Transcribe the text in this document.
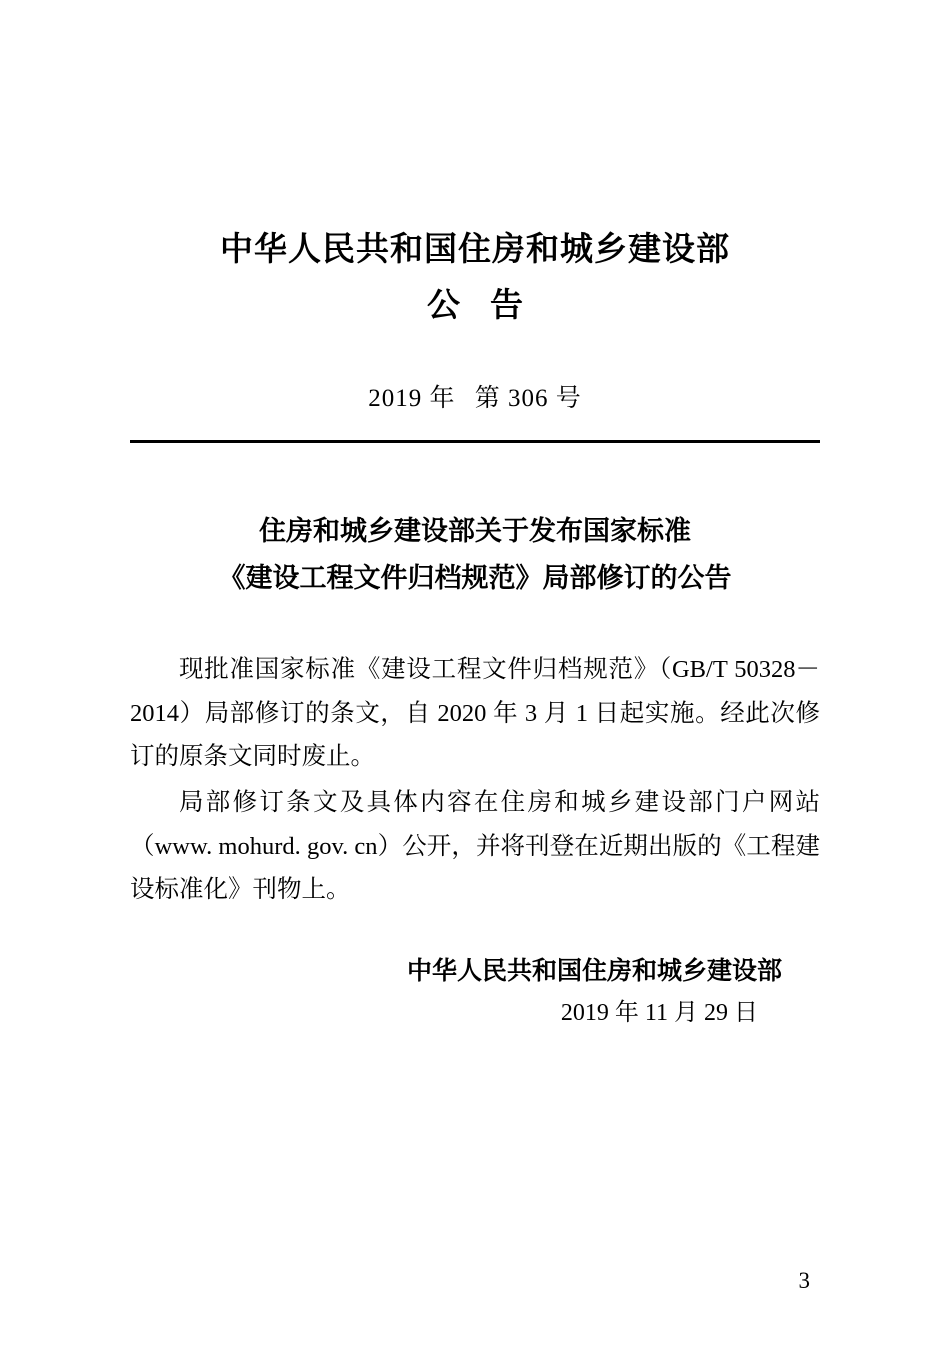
中华人民共和国住房和城乡建设部
公告
2019 年 第 306 号
住房和城乡建设部关于发布国家标准
《建设工程文件归档规范》局部修订的公告

现批准国家标准《建设工程文件归档规范》（GB/T 50328－2014）局部修订的条文，自 2020 年 3 月 1 日起实施。经此次修订的原条文同时废止。

局部修订条文及具体内容在住房和城乡建设部门户网站（www. mohurd. gov. cn）公开，并将刊登在近期出版的《工程建设标准化》刊物上。

中华人民共和国住房和城乡建设部
2019 年 11 月 29 日
3
